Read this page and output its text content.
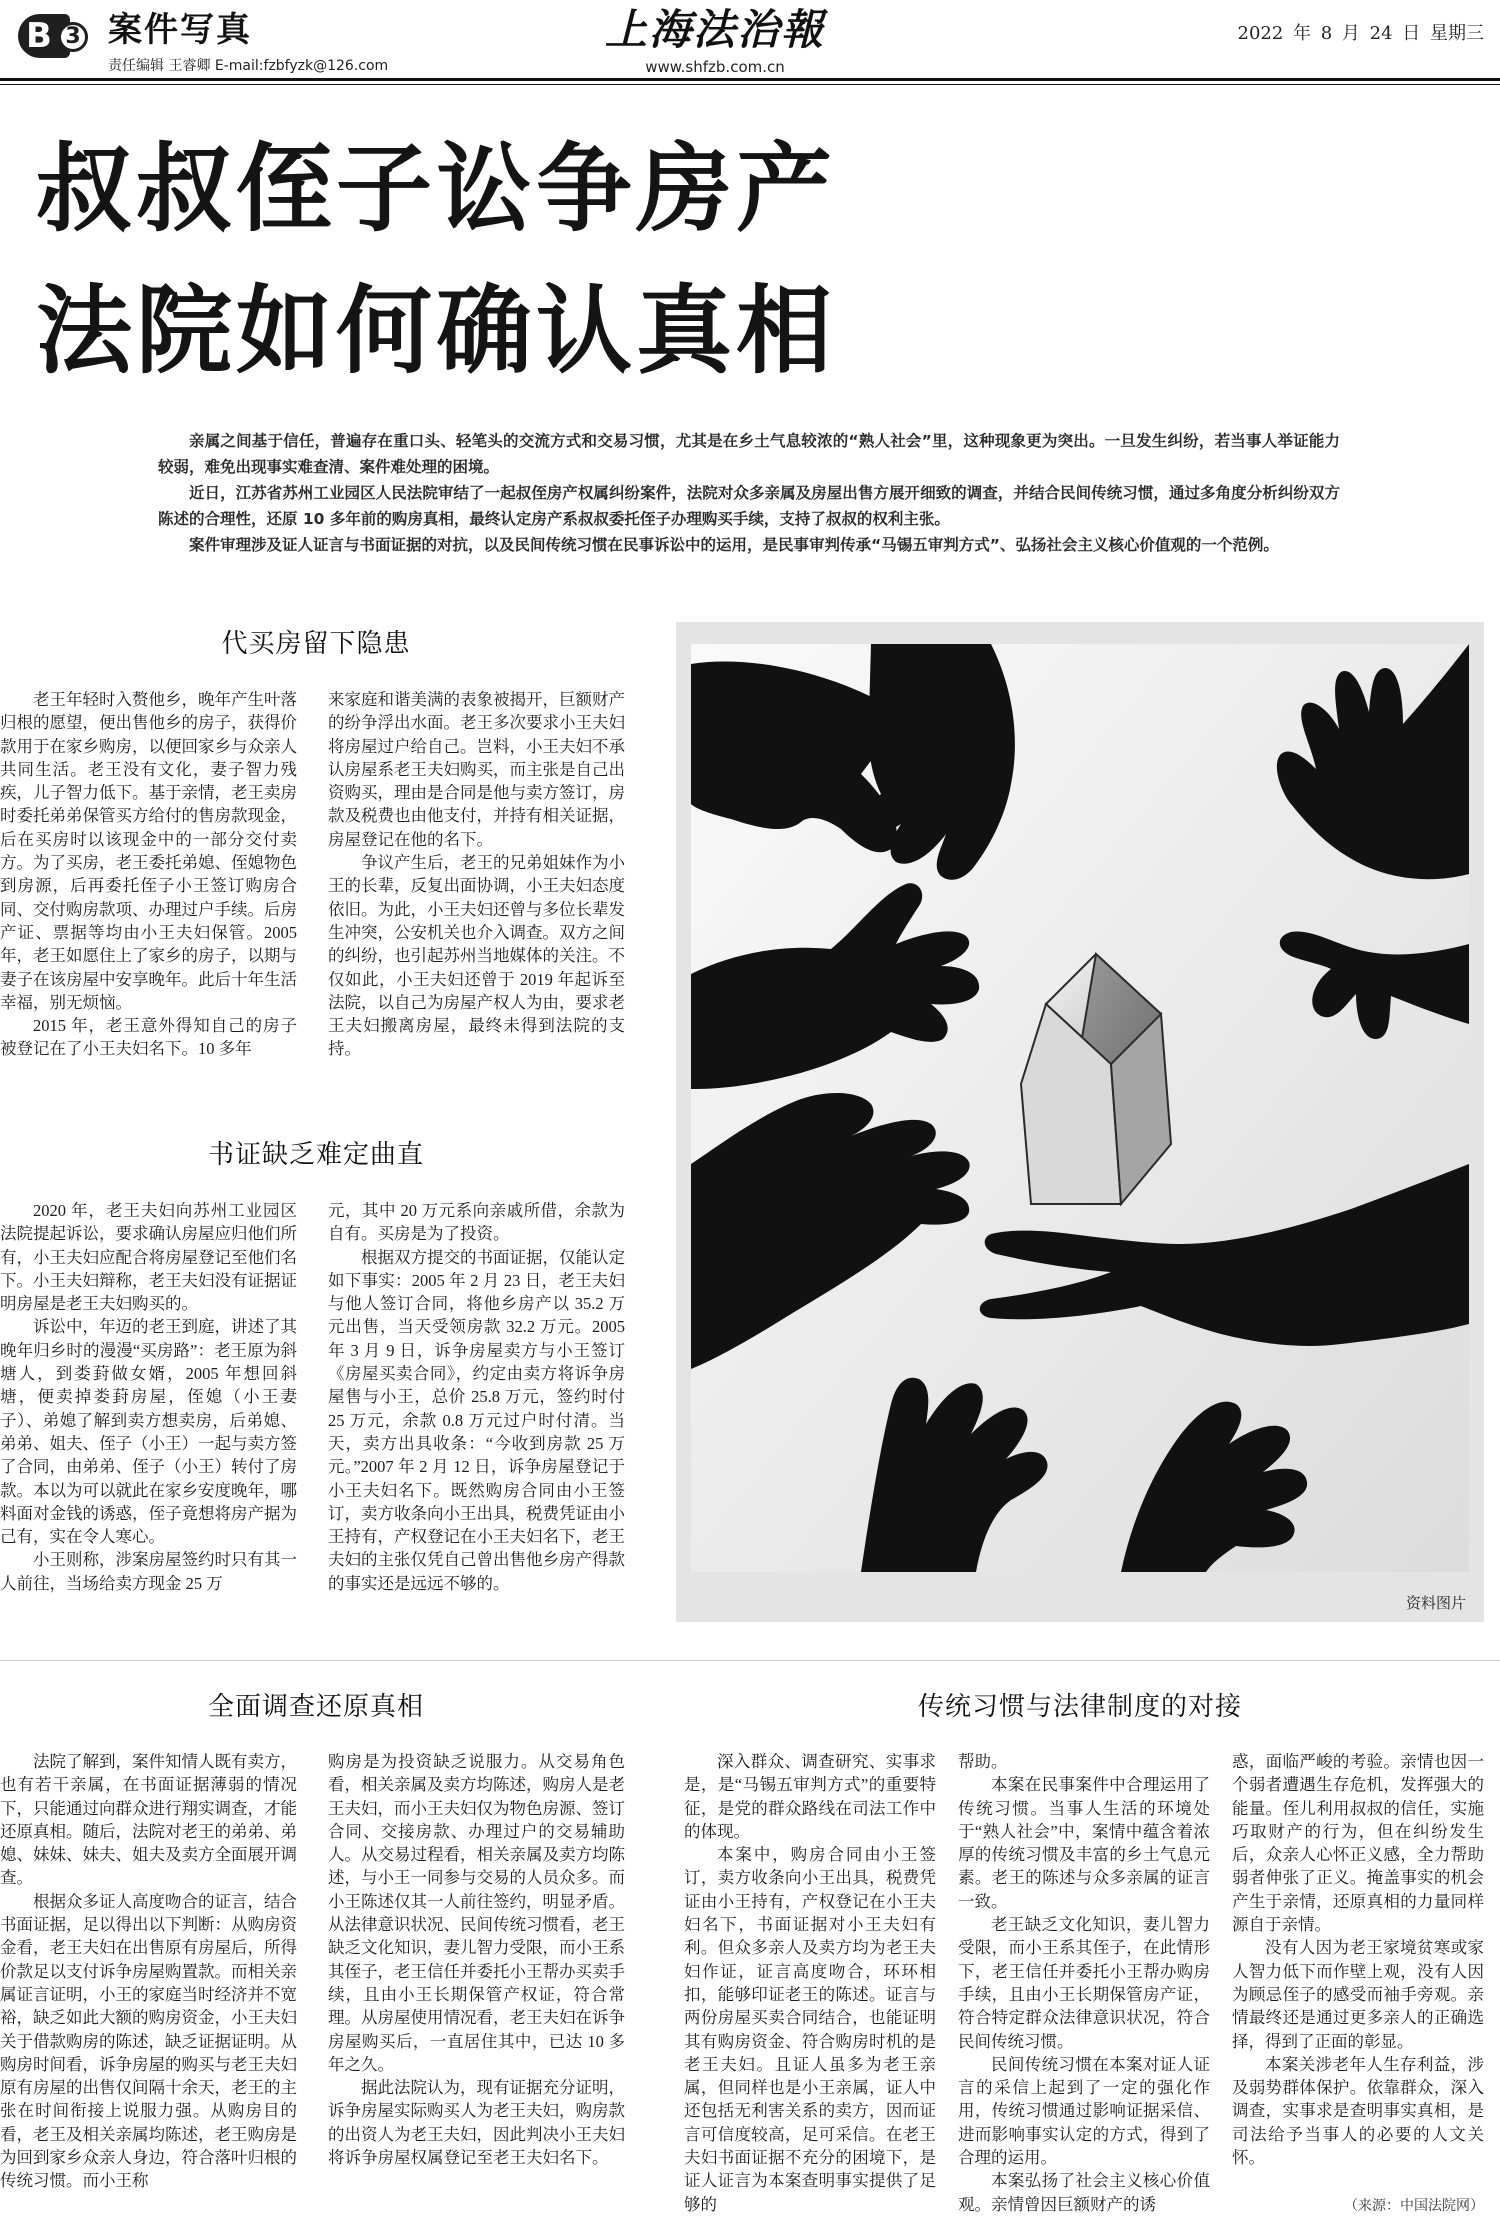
B 3 案件写真
责任编辑 王睿卿 E-mail:fzbfyzk@126.com
上海法治報
www.shfzb.com.cn
2022 年 8 月 24 日 星期三
叔叔侄子讼争房产
法院如何确认真相

亲属之间基于信任，普遍存在重口头、轻笔头的交流方式和交易习惯，尤其是在乡土气息较浓的“熟人社会”里，这种现象更为突出。一旦发生纠纷，若当事人举证能力较弱，难免出现事实难查清、案件难处理的困境。

近日，江苏省苏州工业园区人民法院审结了一起叔侄房产权属纠纷案件，法院对众多亲属及房屋出售方展开细致的调查，并结合民间传统习惯，通过多角度分析纠纷双方陈述的合理性，还原 10 多年前的购房真相，最终认定房产系叔叔委托侄子办理购买手续，支持了叔叔的权利主张。

案件审理涉及证人证言与书面证据的对抗，以及民间传统习惯在民事诉讼中的运用，是民事审判传承“马锡五审判方式”、弘扬社会主义核心价值观的一个范例。

代买房留下隐患

老王年轻时入赘他乡，晚年产生叶落归根的愿望，便出售他乡的房子，获得价款用于在家乡购房，以便回家乡与众亲人共同生活。老王没有文化，妻子智力残疾，儿子智力低下。基于亲情，老王卖房时委托弟弟保管买方给付的售房款现金，后在买房时以该现金中的一部分交付卖方。为了买房，老王委托弟媳、侄媳物色到房源，后再委托侄子小王签订购房合同、交付购房款项、办理过户手续。后房产证、票据等均由小王夫妇保管。2005 年，老王如愿住上了家乡的房子，以期与妻子在该房屋中安享晚年。此后十年生活幸福，别无烦恼。

2015 年，老王意外得知自己的房子被登记在了小王夫妇名下。10 多年

来家庭和谐美满的表象被揭开，巨额财产的纷争浮出水面。老王多次要求小王夫妇将房屋过户给自己。岂料，小王夫妇不承认房屋系老王夫妇购买，而主张是自己出资购买，理由是合同是他与卖方签订，房款及税费也由他支付，并持有相关证据，房屋登记在他的名下。

争议产生后，老王的兄弟姐妹作为小王的长辈，反复出面协调，小王夫妇态度依旧。为此，小王夫妇还曾与多位长辈发生冲突，公安机关也介入调查。双方之间的纠纷，也引起苏州当地媒体的关注。不仅如此，小王夫妇还曾于 2019 年起诉至法院，以自己为房屋产权人为由，要求老王夫妇搬离房屋，最终未得到法院的支持。

书证缺乏难定曲直

2020 年，老王夫妇向苏州工业园区法院提起诉讼，要求确认房屋应归他们所有，小王夫妇应配合将房屋登记至他们名下。小王夫妇辩称，老王夫妇没有证据证明房屋是老王夫妇购买的。

诉讼中，年迈的老王到庭，讲述了其晚年归乡时的漫漫“买房路”：老王原为斜塘人，到娄葑做女婿，2005 年想回斜塘，便卖掉娄葑房屋，侄媳（小王妻子）、弟媳了解到卖方想卖房，后弟媳、弟弟、姐夫、侄子（小王）一起与卖方签了合同，由弟弟、侄子（小王）转付了房款。本以为可以就此在家乡安度晚年，哪料面对金钱的诱惑，侄子竟想将房产据为己有，实在令人寒心。

小王则称，涉案房屋签约时只有其一人前往，当场给卖方现金 25 万

元，其中 20 万元系向亲戚所借，余款为自有。买房是为了投资。

根据双方提交的书面证据，仅能认定如下事实：2005 年 2 月 23 日，老王夫妇与他人签订合同，将他乡房产以 35.2 万元出售，当天受领房款 32.2 万元。2005 年 3 月 9 日，诉争房屋卖方与小王签订《房屋买卖合同》，约定由卖方将诉争房屋售与小王，总价 25.8 万元，签约时付 25 万元，余款 0.8 万元过户时付清。当天，卖方出具收条：“今收到房款 25 万元。”2007 年 2 月 12 日，诉争房屋登记于小王夫妇名下。既然购房合同由小王签订，卖方收条向小王出具，税费凭证由小王持有，产权登记在小王夫妇名下，老王夫妇的主张仅凭自己曾出售他乡房产得款的事实还是远远不够的。

资料图片
全面调查还原真相

法院了解到，案件知情人既有卖方，也有若干亲属，在书面证据薄弱的情况下，只能通过向群众进行翔实调查，才能还原真相。随后，法院对老王的弟弟、弟媳、妹妹、妹夫、姐夫及卖方全面展开调查。

根据众多证人高度吻合的证言，结合书面证据，足以得出以下判断：从购房资金看，老王夫妇在出售原有房屋后，所得价款足以支付诉争房屋购置款。而相关亲属证言证明，小王的家庭当时经济并不宽裕，缺乏如此大额的购房资金，小王夫妇关于借款购房的陈述，缺乏证据证明。从购房时间看，诉争房屋的购买与老王夫妇原有房屋的出售仅间隔十余天，老王的主张在时间衔接上说服力强。从购房目的看，老王及相关亲属均陈述，老王购房是为回到家乡众亲人身边，符合落叶归根的传统习惯。而小王称

购房是为投资缺乏说服力。从交易角色看，相关亲属及卖方均陈述，购房人是老王夫妇，而小王夫妇仅为物色房源、签订合同、交接房款、办理过户的交易辅助人。从交易过程看，相关亲属及卖方均陈述，与小王一同参与交易的人员众多。而小王陈述仅其一人前往签约，明显矛盾。从法律意识状况、民间传统习惯看，老王缺乏文化知识，妻儿智力受限，而小王系其侄子，老王信任并委托小王帮办买卖手续，且由小王长期保管产权证，符合常理。从房屋使用情况看，老王夫妇在诉争房屋购买后，一直居住其中，已达 10 多年之久。

据此法院认为，现有证据充分证明，诉争房屋实际购买人为老王夫妇，购房款的出资人为老王夫妇，因此判决小王夫妇将诉争房屋权属登记至老王夫妇名下。

传统习惯与法律制度的对接

深入群众、调查研究、实事求是，是“马锡五审判方式”的重要特征，是党的群众路线在司法工作中的体现。

本案中，购房合同由小王签订，卖方收条向小王出具，税费凭证由小王持有，产权登记在小王夫妇名下，书面证据对小王夫妇有利。但众多亲人及卖方均为老王夫妇作证，证言高度吻合，环环相扣，能够印证老王的陈述。证言与两份房屋买卖合同结合，也能证明其有购房资金、符合购房时机的是老王夫妇。且证人虽多为老王亲属，但同样也是小王亲属，证人中还包括无利害关系的卖方，因而证言可信度较高，足可采信。在老王夫妇书面证据不充分的困境下，是证人证言为本案查明事实提供了足够的

帮助。

本案在民事案件中合理运用了传统习惯。当事人生活的环境处于“熟人社会”中，案情中蕴含着浓厚的传统习惯及丰富的乡土气息元素。老王的陈述与众多亲属的证言一致。

老王缺乏文化知识，妻儿智力受限，而小王系其侄子，在此情形下，老王信任并委托小王帮办购房手续，且由小王长期保管房产证，符合特定群众法律意识状况，符合民间传统习惯。

民间传统习惯在本案对证人证言的采信上起到了一定的强化作用，传统习惯通过影响证据采信、进而影响事实认定的方式，得到了合理的运用。

本案弘扬了社会主义核心价值观。亲情曾因巨额财产的诱

惑，面临严峻的考验。亲情也因一个弱者遭遇生存危机，发挥强大的能量。侄儿利用叔叔的信任，实施巧取财产的行为，但在纠纷发生后，众亲人心怀正义感，全力帮助弱者伸张了正义。掩盖事实的机会产生于亲情，还原真相的力量同样源自于亲情。

没有人因为老王家境贫寒或家人智力低下而作壁上观，没有人因为顾忌侄子的感受而袖手旁观。亲情最终还是通过更多亲人的正确选择，得到了正面的彰显。

本案关涉老年人生存利益，涉及弱势群体保护。依靠群众，深入调查，实事求是查明事实真相，是司法给予当事人的必要的人文关怀。

（来源：中国法院网）
